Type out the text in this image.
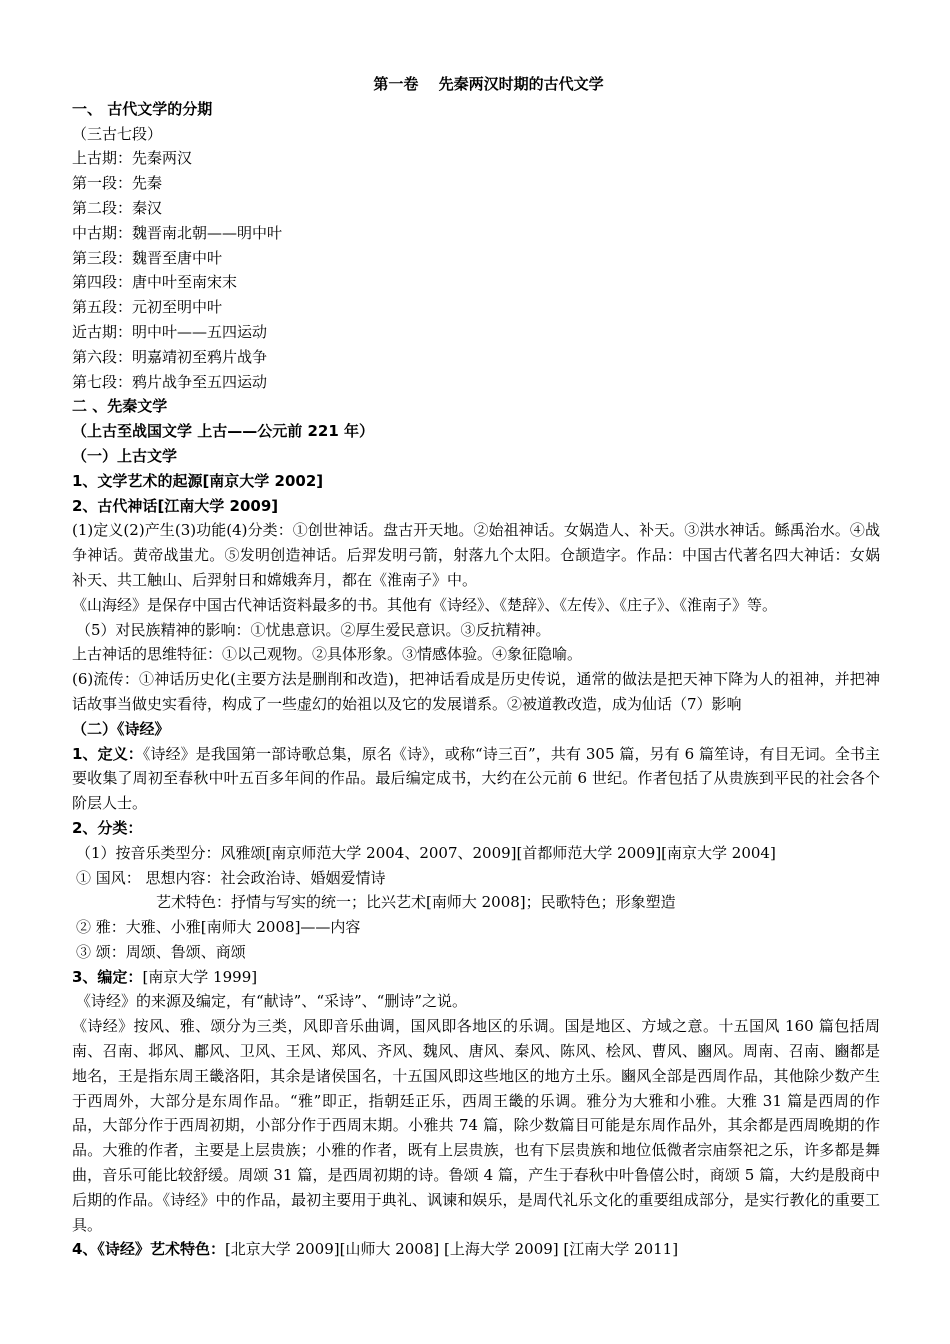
第一卷　 先秦两汉时期的古代文学
一、 古代文学的分期
（三古七段）
上古期：先秦两汉
第一段：先秦
第二段：秦汉
中古期：魏晋南北朝——明中叶
第三段：魏晋至唐中叶
第四段：唐中叶至南宋末
第五段：元初至明中叶
近古期：明中叶——五四运动
第六段：明嘉靖初至鸦片战争
第七段：鸦片战争至五四运动
二 、先秦文学
（上古至战国文学 上古——公元前 221 年）
（一）上古文学
1、文学艺术的起源[南京大学 2002]
2、古代神话[江南大学 2009]
(1)定义(2)产生(3)功能(4)分类：①创世神话。盘古开天地。②始祖神话。女娲造人、补天。③洪水神话。鲧禹治水。④战争神话。黄帝战蚩尤。⑤发明创造神话。后羿发明弓箭，射落九个太阳。仓颉造字。作品：中国古代著名四大神话：女娲补天、共工触山、后羿射日和嫦娥奔月，都在《淮南子》中。
《山海经》是保存中国古代神话资料最多的书。其他有《诗经》、《楚辞》、《左传》、《庄子》、《淮南子》等。
（5）对民族精神的影响：①忧患意识。②厚生爱民意识。③反抗精神。
上古神话的思维特征：①以己观物。②具体形象。③情感体验。④象征隐喻。
(6)流传：①神话历史化(主要方法是删削和改造)，把神话看成是历史传说，通常的做法是把天神下降为人的祖神，并把神话故事当做史实看待，构成了一些虚幻的始祖以及它的发展谱系。②被道教改造，成为仙话（7）影响
（二）《诗经》
1、定义：《诗经》是我国第一部诗歌总集，原名《诗》，或称“诗三百”，共有 305 篇，另有 6 篇笙诗，有目无词。全书主要收集了周初至春秋中叶五百多年间的作品。最后编定成书，大约在公元前 6 世纪。作者包括了从贵族到平民的社会各个阶层人士。
2、分类：
（1）按音乐类型分：风雅颂[南京师范大学 2004、2007、2009][首都师范大学 2009][南京大学 2004]
① 国风： 思想内容：社会政治诗、婚姻爱情诗
艺术特色：抒情与写实的统一；比兴艺术[南师大 2008]；民歌特色；形象塑造
② 雅：大雅、小雅[南师大 2008]——内容
③ 颂：周颂、鲁颂、商颂
3、编定：[南京大学 1999]
《诗经》的来源及编定，有“献诗”、“采诗”、“删诗”之说。
《诗经》按风、雅、颂分为三类，风即音乐曲调，国风即各地区的乐调。国是地区、方域之意。十五国风 160 篇包括周南、召南、邶风、鄘风、卫风、王风、郑风、齐风、魏风、唐风、秦风、陈风、桧风、曹风、豳风。周南、召南、豳都是地名，王是指东周王畿洛阳，其余是诸侯国名，十五国风即这些地区的地方土乐。豳风全部是西周作品，其他除少数产生于西周外，大部分是东周作品。“雅”即正，指朝廷正乐，西周王畿的乐调。雅分为大雅和小雅。大雅 31 篇是西周的作品，大部分作于西周初期，小部分作于西周末期。小雅共 74 篇，除少数篇目可能是东周作品外，其余都是西周晚期的作品。大雅的作者，主要是上层贵族；小雅的作者，既有上层贵族，也有下层贵族和地位低微者宗庙祭祀之乐，许多都是舞曲，音乐可能比较舒缓。周颂 31 篇，是西周初期的诗。鲁颂 4 篇，产生于春秋中叶鲁僖公时，商颂 5 篇，大约是殷商中后期的作品。《诗经》中的作品，最初主要用于典礼、讽谏和娱乐，是周代礼乐文化的重要组成部分，是实行教化的重要工具。
4、《诗经》艺术特色：[北京大学 2009][山师大 2008] [上海大学 2009] [江南大学 2011]
